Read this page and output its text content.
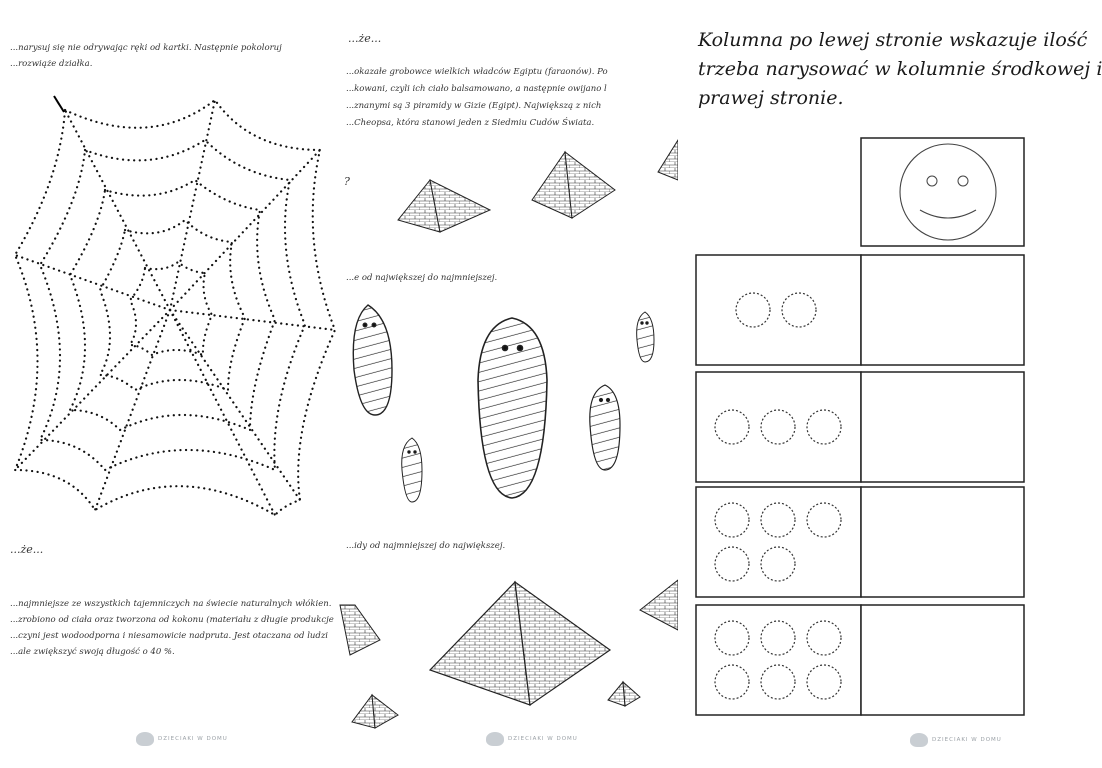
...narysuj się nie odrywając ręki od kartki. Następnie pokoloruj
...rozwiąże działka.
...że...
...najmniejsze ze wszystkich tajemniczych na świecie naturalnych włókien.
...zrobiono od ciała oraz tworzona od kokonu (materiału z długie produkcje
...czyni jest wodoodporna i niesamowicie nadpruta. Jest otaczana od ludzi
...ale zwiększyć swoją długość o 40 %.
DZIECIAKI W DOMU
...że...
...okazałe grobowce wielkich władców Egiptu (faraonów). Po
...kowani, czyli ich ciało balsamowano, a następnie owijano l
...znanymi są 3 piramidy w Gizie (Egipt). Największą z nich
...Cheopsa, która stanowi jeden z Siedmiu Cudów Świata.
?
...e od największej do najmniejszej.
...idy od najmniejszej do największej.
DZIECIAKI W DOMU
Kolumna po lewej stronie wskazuje ilość
trzeba narysować w kolumnie środkowej i
prawej stronie.
DZIECIAKI W DOMU
